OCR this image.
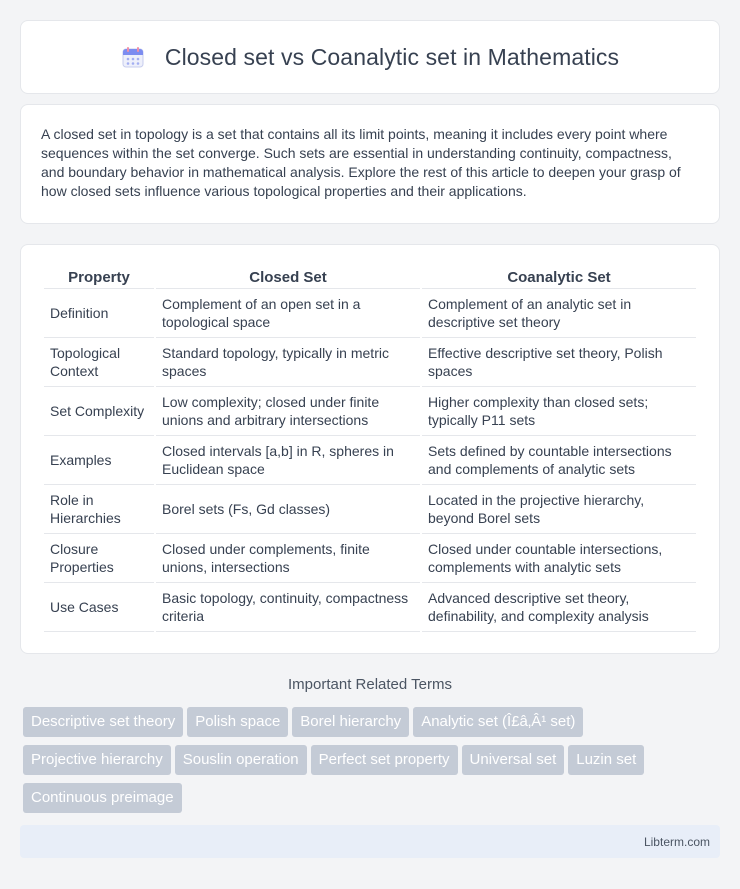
Closed set vs Coanalytic set in Mathematics

A closed set in topology is a set that contains all its limit points, meaning it includes every point where sequences within the set converge. Such sets are essential in understanding continuity, compactness, and boundary behavior in mathematical analysis. Explore the rest of this article to deepen your grasp of how closed sets influence various topological properties and their applications.

Property	Closed Set	Coanalytic Set
Definition	Complement of an open set in a topological space	Complement of an analytic set in descriptive set theory
Topological Context	Standard topology, typically in metric spaces	Effective descriptive set theory, Polish spaces
Set Complexity	Low complexity; closed under finite unions and arbitrary intersections	Higher complexity than closed sets; typically P11 sets
Examples	Closed intervals [a,b] in R, spheres in Euclidean space	Sets defined by countable intersections and complements of analytic sets
Role in Hierarchies	Borel sets (Fs, Gd classes)	Located in the projective hierarchy, beyond Borel sets
Closure Properties	Closed under complements, finite unions, intersections	Closed under countable intersections, complements with analytic sets
Use Cases	Basic topology, continuity, compactness criteria	Advanced descriptive set theory, definability, and complexity analysis
Important Related Terms
Descriptive set theory Polish space Borel hierarchy Analytic set (Î£â‚Â¹ set)
Projective hierarchy Souslin operation Perfect set property Universal set Luzin set
Continuous preimage
Libterm.com
